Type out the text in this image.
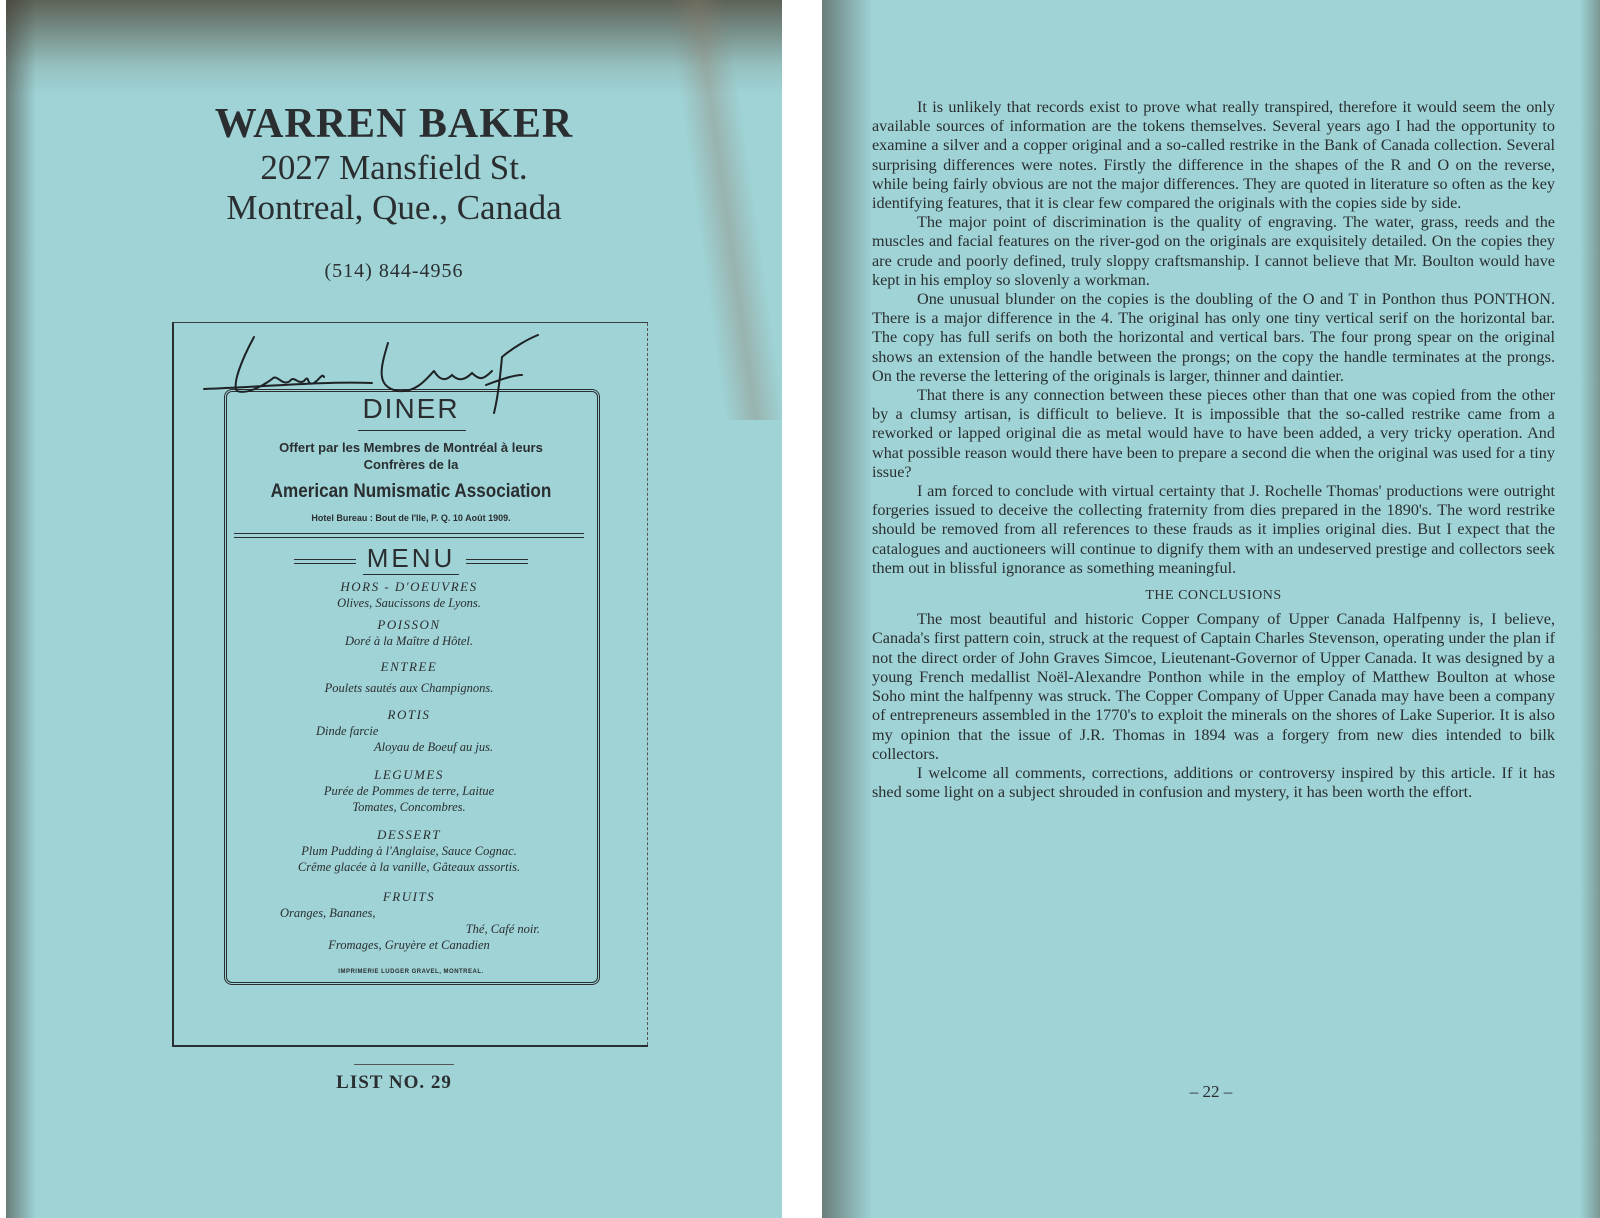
WARREN BAKER
2027 Mansfield St.
Montreal, Que., Canada
(514) 844-4956
DINER
Offert par les Membres de Montréal à leurs
Confrères de la
American Numismatic Association
Hotel Bureau : Bout de l'Ile, P. Q. 10 Août 1909.
MENU
HORS - D'OEUVRES
Olives, Saucissons de Lyons.
POISSON
Doré à la Maître d Hôtel.
ENTREE
Poulets sautés aux Champignons.
ROTIS
Dinde farcie
Aloyau de Boeuf au jus.
LEGUMES
Purée de Pommes de terre, Laitue
Tomates, Concombres.
DESSERT
Plum Pudding à l'Anglaise, Sauce Cognac.
Crême glacée à la vanille, Gâteaux assortis.
FRUITS
Oranges, Bananes,
Thé, Café noir.
Fromages, Gruyère et Canadien
IMPRIMERIE LUDGER GRAVEL, MONTREAL.
LIST NO. 29

It is unlikely that records exist to prove what really transpired, therefore it would seem the only available sources of information are the tokens themselves. Several years ago I had the opportunity to examine a silver and a copper original and a so-called restrike in the Bank of Canada collection. Several surprising differences were notes. Firstly the difference in the shapes of the R and O on the reverse, while being fairly obvious are not the major differences. They are quoted in literature so often as the key identifying features, that it is clear few compared the originals with the copies side by side.

The major point of discrimination is the quality of engraving. The water, grass, reeds and the muscles and facial features on the river-god on the originals are exquisitely detailed. On the copies they are crude and poorly defined, truly sloppy craftsmanship. I cannot believe that Mr. Boulton would have kept in his employ so slovenly a workman.

One unusual blunder on the copies is the doubling of the O and T in Ponthon thus PONTHON. There is a major difference in the 4. The original has only one tiny vertical serif on the horizontal bar. The copy has full serifs on both the horizontal and vertical bars. The four prong spear on the original shows an extension of the handle between the prongs; on the copy the handle terminates at the prongs. On the reverse the lettering of the originals is larger, thinner and daintier.

That there is any connection between these pieces other than that one was copied from the other by a clumsy artisan, is difficult to believe. It is impossible that the so-called restrike came from a reworked or lapped original die as metal would have to have been added, a very tricky operation. And what possible reason would there have been to prepare a second die when the original was used for a tiny issue?

I am forced to conclude with virtual certainty that J. Rochelle Thomas' productions were outright forgeries issued to deceive the collecting fraternity from dies prepared in the 1890's. The word restrike should be removed from all references to these frauds as it implies original dies. But I expect that the catalogues and auctioneers will continue to dignify them with an undeserved prestige and collectors seek them out in blissful ignorance as something meaningful.

THE CONCLUSIONS

The most beautiful and historic Copper Company of Upper Canada Halfpenny is, I believe, Canada's first pattern coin, struck at the request of Captain Charles Stevenson, operating under the plan if not the direct order of John Graves Simcoe, Lieutenant-Governor of Upper Canada. It was designed by a young French medallist Noël-Alexandre Ponthon while in the employ of Matthew Boulton at whose Soho mint the halfpenny was struck. The Copper Company of Upper Canada may have been a company of entrepreneurs assembled in the 1770's to exploit the minerals on the shores of Lake Superior. It is also my opinion that the issue of J.R. Thomas in 1894 was a forgery from new dies intended to bilk collectors.

I welcome all comments, corrections, additions or controversy inspired by this article. If it has shed some light on a subject shrouded in confusion and mystery, it has been worth the effort.

– 22 –
